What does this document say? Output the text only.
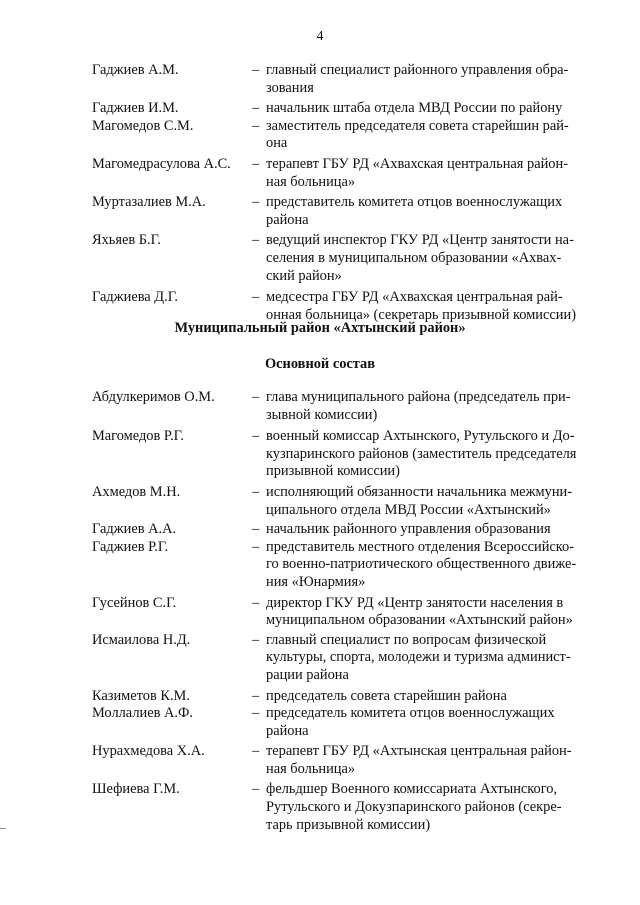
4
Гаджиев А.М.	– главный специалист районного управления обра-
зования
Гаджиев И.М.	– начальник штаба отдела МВД России по району
Магомедов С.М.	– заместитель председателя совета старейшин рай-
она
Магомедрасулова А.С.	– терапевт ГБУ РД «Ахвахская центральная район-
ная больница»
Муртазалиев М.А.	– представитель комитета отцов военнослужащих
района
Яхьяев Б.Г.	– ведущий инспектор ГКУ РД «Центр занятости на-
селения в муниципальном образовании «Ахвах-
ский район»
Гаджиева Д.Г.	– медсестра ГБУ РД «Ахвахская центральная рай-
онная больница» (секретарь призывной комиссии)
Муниципальный район «Ахтынский район»
Основной состав
Абдулкеримов О.М.	– глава муниципального района (председатель при-
зывной комиссии)
Магомедов Р.Г.	– военный комиссар Ахтынского, Рутульского и До-
кузпаринского районов (заместитель председателя
призывной комиссии)
Ахмедов М.Н.	– исполняющий обязанности начальника межмуни-
ципального отдела МВД России «Ахтынский»
Гаджиев А.А.	– начальник районного управления образования
Гаджиев Р.Г.	– представитель местного отделения Всероссийско-
го военно-патриотического общественного движе-
ния «Юнармия»
Гусейнов С.Г.	– директор ГКУ РД «Центр занятости населения в
муниципальном образовании «Ахтынский район»
Исмаилова Н.Д.	– главный специалист по вопросам физической
культуры, спорта, молодежи и туризма админист-
рации района
Казиметов К.М.	– председатель совета старейшин района
Моллалиев А.Ф.	– председатель комитета отцов военнослужащих
района
Нурахмедова Х.А.	– терапевт ГБУ РД «Ахтынская центральная район-
ная больница»
Шефиева Г.М.	– фельдшер Военного комиссариата Ахтынского,
Рутульского и Докузпаринского районов (секре-
тарь призывной комиссии)
